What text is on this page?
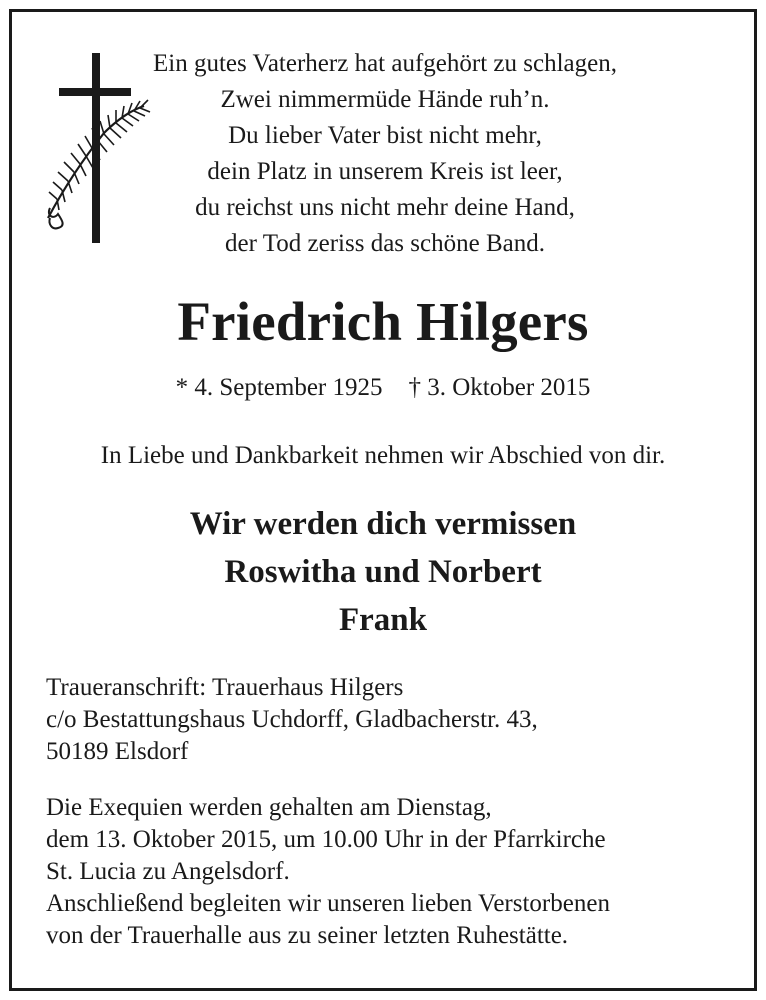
Ein gutes Vaterherz hat aufgehört zu schlagen,
Zwei nimmermüde Hände ruh’n.
Du lieber Vater bist nicht mehr,
dein Platz in unserem Kreis ist leer,
du reichst uns nicht mehr deine Hand,
der Tod zeriss das schöne Band.
Friedrich Hilgers
* 4. September 1925 † 3. Oktober 2015
In Liebe und Dankbarkeit nehmen wir Abschied von dir.
Wir werden dich vermissen
Roswitha und Norbert
Frank
Traueranschrift: Trauerhaus Hilgers
c/o Bestattungshaus Uchdorff, Gladbacherstr. 43,
50189 Elsdorf
Die Exequien werden gehalten am Dienstag,
dem 13. Oktober 2015, um 10.00 Uhr in der Pfarrkirche
St. Lucia zu Angelsdorf.
Anschließend begleiten wir unseren lieben Verstorbenen
von der Trauerhalle aus zu seiner letzten Ruhestätte.
